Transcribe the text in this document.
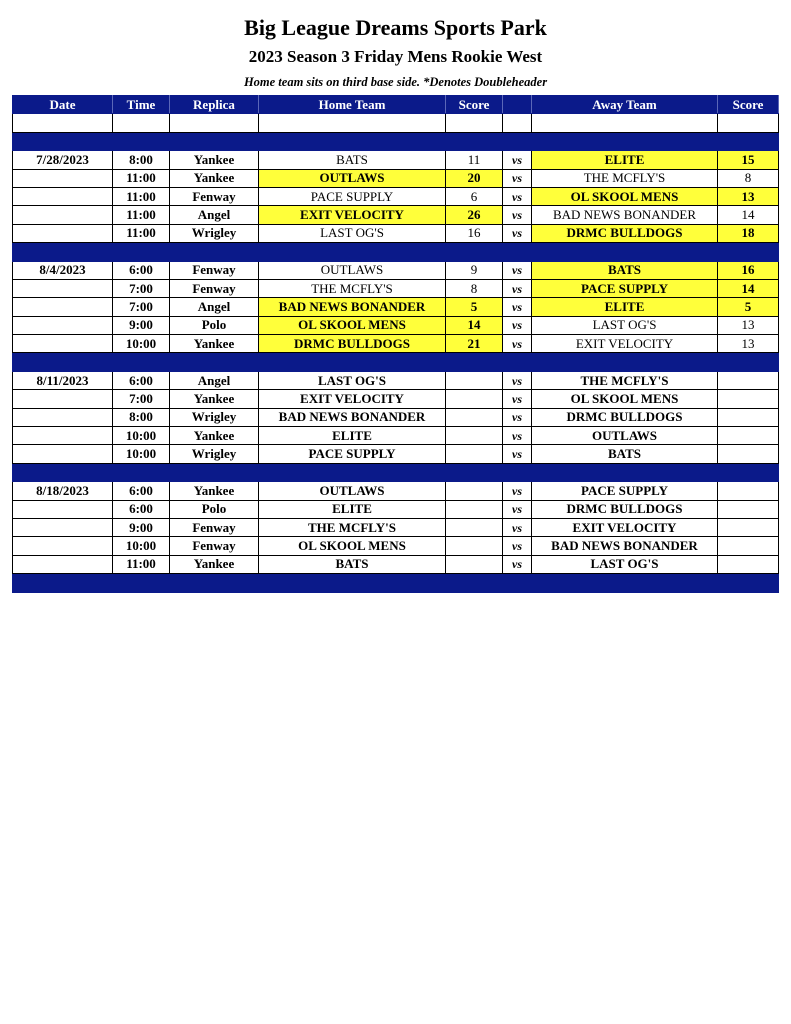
Big League Dreams Sports Park
2023 Season 3 Friday Mens Rookie West
Home team sits on third base side. *Denotes Doubleheader
Date	Time	Replica	Home Team	Score		Away Team	Score

7/28/2023	8:00	Yankee	BATS	11	vs	ELITE	15
	11:00	Yankee	OUTLAWS	20	vs	THE MCFLY'S	8
	11:00	Fenway	PACE SUPPLY	6	vs	OL SKOOL MENS	13
	11:00	Angel	EXIT VELOCITY	26	vs	BAD NEWS BONANDER	14
	11:00	Wrigley	LAST OG'S	16	vs	DRMC BULLDOGS	18

8/4/2023	6:00	Fenway	OUTLAWS	9	vs	BATS	16
	7:00	Fenway	THE MCFLY'S	8	vs	PACE SUPPLY	14
	7:00	Angel	BAD NEWS BONANDER	5	vs	ELITE	5
	9:00	Polo	OL SKOOL MENS	14	vs	LAST OG'S	13
	10:00	Yankee	DRMC BULLDOGS	21	vs	EXIT VELOCITY	13

8/11/2023	6:00	Angel	LAST OG'S		vs	THE MCFLY'S	
	7:00	Yankee	EXIT VELOCITY		vs	OL SKOOL MENS	
	8:00	Wrigley	BAD NEWS BONANDER		vs	DRMC BULLDOGS	
	10:00	Yankee	ELITE		vs	OUTLAWS	
	10:00	Wrigley	PACE SUPPLY		vs	BATS	

8/18/2023	6:00	Yankee	OUTLAWS		vs	PACE SUPPLY	
	6:00	Polo	ELITE		vs	DRMC BULLDOGS	
	9:00	Fenway	THE MCFLY'S		vs	EXIT VELOCITY	
	10:00	Fenway	OL SKOOL MENS		vs	BAD NEWS BONANDER	
	11:00	Yankee	BATS		vs	LAST OG'S	
